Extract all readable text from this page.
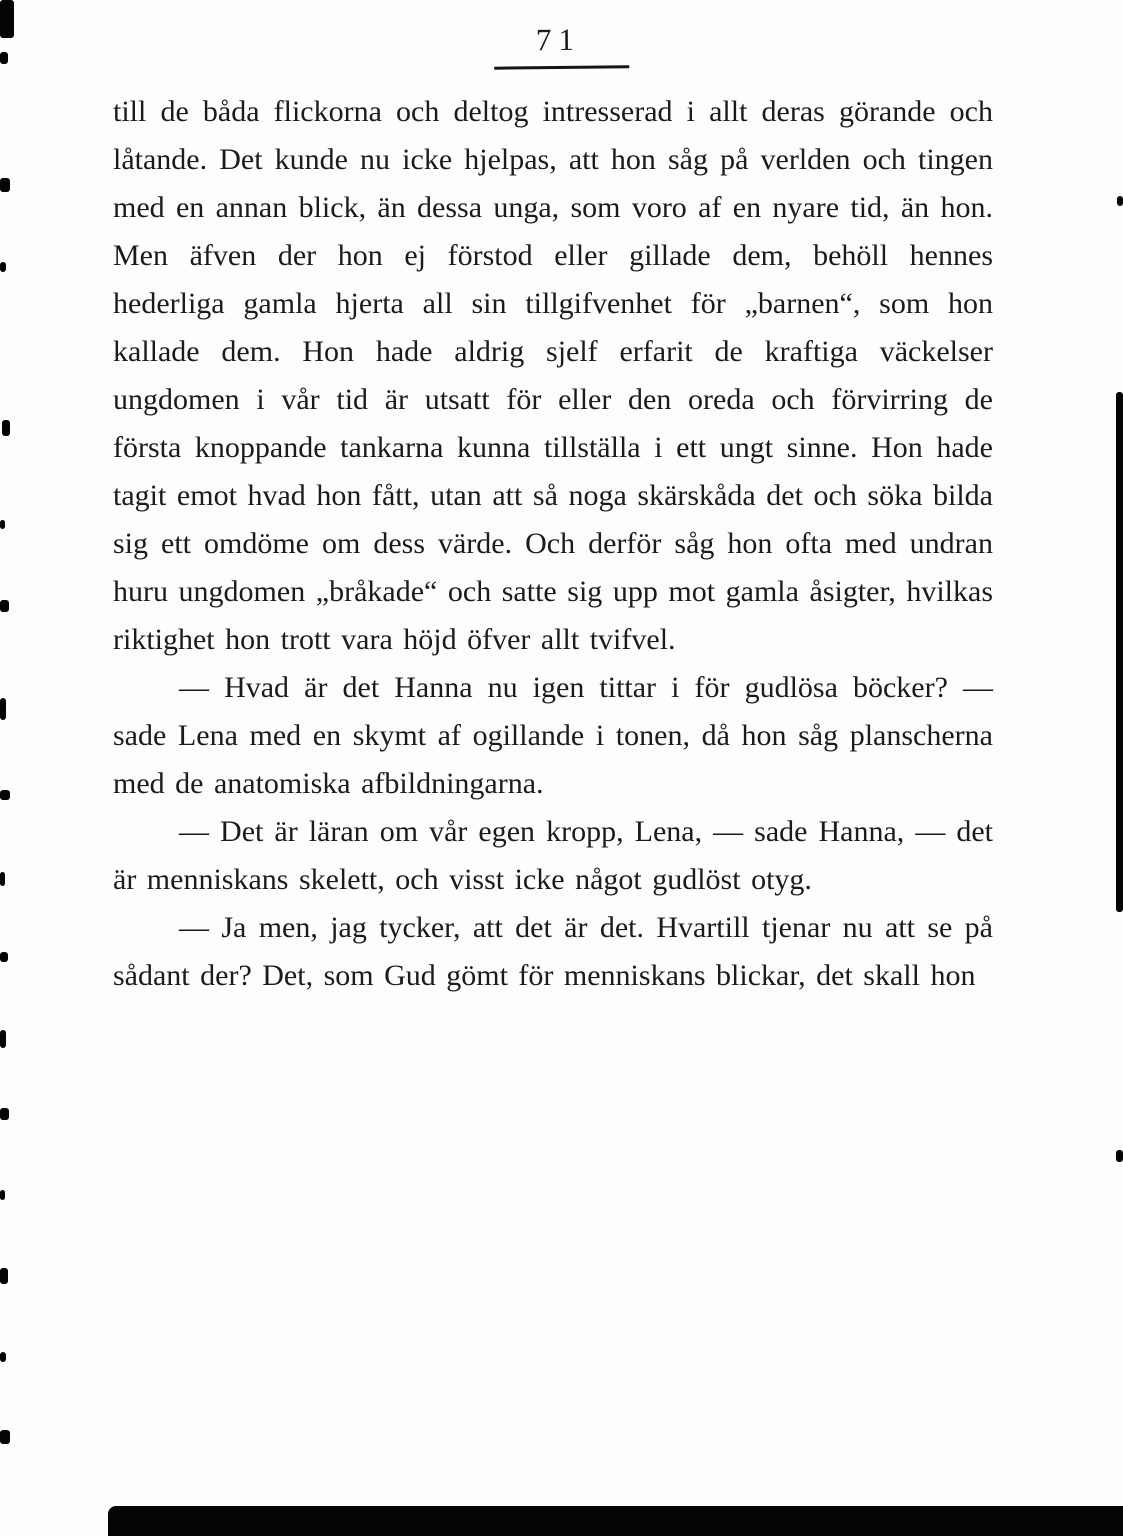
71

till de båda flickorna och deltog intresserad i allt deras görande och låtande. Det kunde nu icke hjelpas, att hon såg på verlden och tingen med en annan blick, än dessa unga, som voro af en nyare tid, än hon. Men äfven der hon ej förstod eller gillade dem, behöll hennes hederliga gamla hjerta all sin tillgifvenhet för „barnen“, som hon kallade dem. Hon hade aldrig sjelf erfarit de kraftiga väckelser ungdomen i vår tid är utsatt för eller den oreda och förvirring de första knoppande tankarna kunna tillställa i ett ungt sinne. Hon hade tagit emot hvad hon fått, utan att så noga skärskåda det och söka bilda sig ett omdöme om dess värde. Och derför såg hon ofta med undran huru ungdomen „bråkade“ och satte sig upp mot gamla åsigter, hvilkas riktighet hon trott vara höjd öfver allt tvifvel.

— Hvad är det Hanna nu igen tittar i för gudlösa böcker? — sade Lena med en skymt af ogillande i tonen, då hon såg planscherna med de anatomiska afbildningarna.

— Det är läran om vår egen kropp, Lena, — sade Hanna, — det är menniskans skelett, och visst icke något gudlöst otyg.

— Ja men, jag tycker, att det är det. Hvartill tjenar nu att se på sådant der? Det, som Gud gömt för menniskans blickar, det skall hon
